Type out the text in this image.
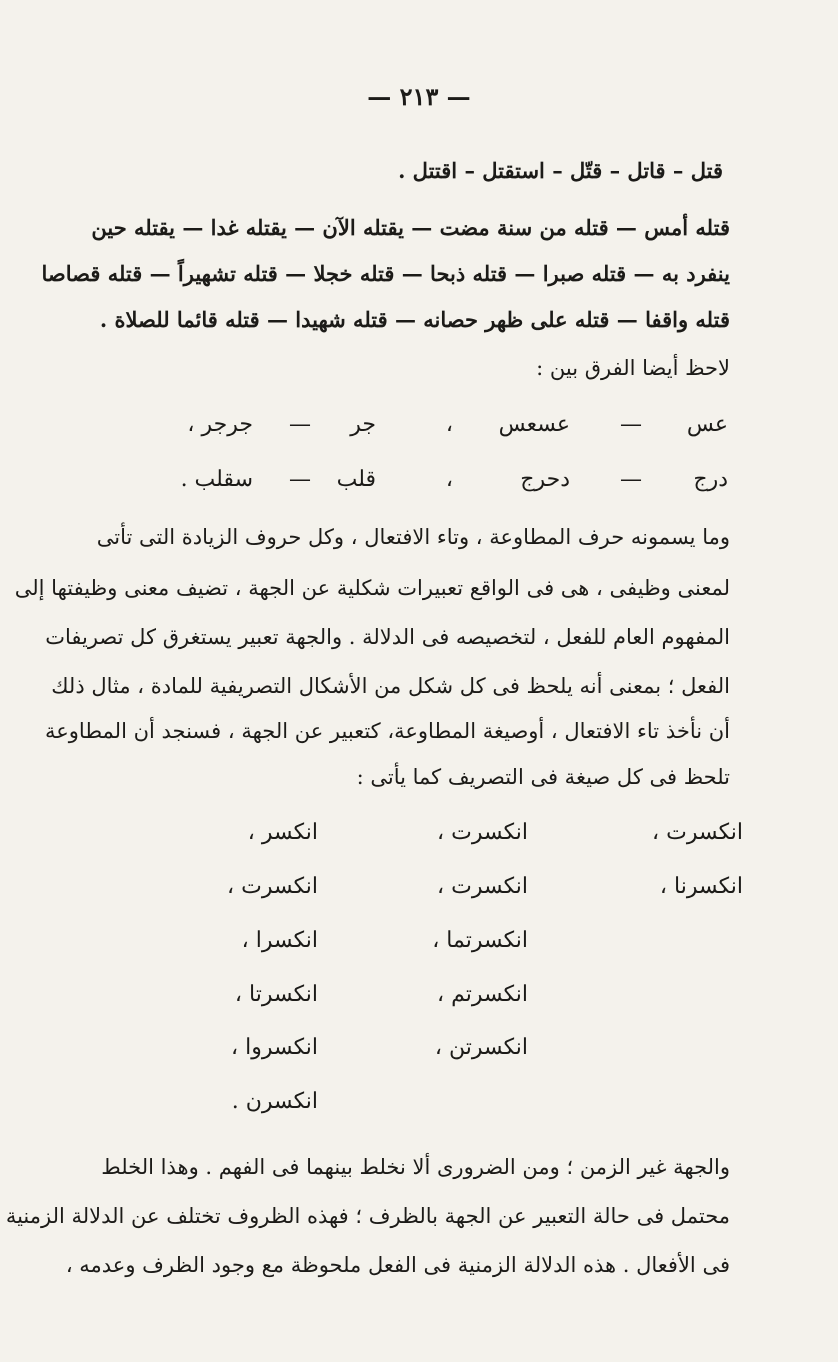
— ٢١٣ —
قتل – قاتل – قتّل – استقتل – اقتتل .
قتله أمس — قتله من سنة مضت — يقتله الآن — يقتله غدا — يقتله حين
ينفرد به — قتله صبرا — قتله ذبحا — قتله خجلا — قتله تشهيراً — قتله قصاصا
قتله واقفا — قتله على ظهر حصانه — قتله شهيدا — قتله قائما للصلاة .
لاحظ أيضا الفرق بين :
عس
—
عسعس
،
جر
—
جرجر ،
درج
—
دحرج
،
قلب
—
سقلب .
وما يسمونه حرف المطاوعة ، وتاء الافتعال ، وكل حروف الزيادة التى تأتى
لمعنى وظيفى ، هى فى الواقع تعبيرات شكلية عن الجهة ، تضيف معنى وظيفتها إلى
المفهوم العام للفعل ، لتخصيصه فى الدلالة . والجهة تعبير يستغرق كل تصريفات
الفعل ؛ بمعنى أنه يلحظ فى كل شكل من الأشكال التصريفية للمادة ، مثال ذلك
أن نأخذ تاء الافتعال ، أوصيغة المطاوعة، كتعبير عن الجهة ، فسنجد أن المطاوعة
تلحظ فى كل صيغة فى التصريف كما يأتى :
انكسرت ،
انكسرنا ،
انكسرت ،
انكسرت ،
انكسرتما ،
انكسرتم ،
انكسرتن ،
انكسر ،
انكسرت ،
انكسرا ،
انكسرتا ،
انكسروا ،
انكسرن .
والجهة غير الزمن ؛ ومن الضرورى ألا نخلط بينهما فى الفهم . وهذا الخلط
محتمل فى حالة التعبير عن الجهة بالظرف ؛ فهذه الظروف تختلف عن الدلالة الزمنية
فى الأفعال . هذه الدلالة الزمنية فى الفعل ملحوظة مع وجود الظرف وعدمه ،
